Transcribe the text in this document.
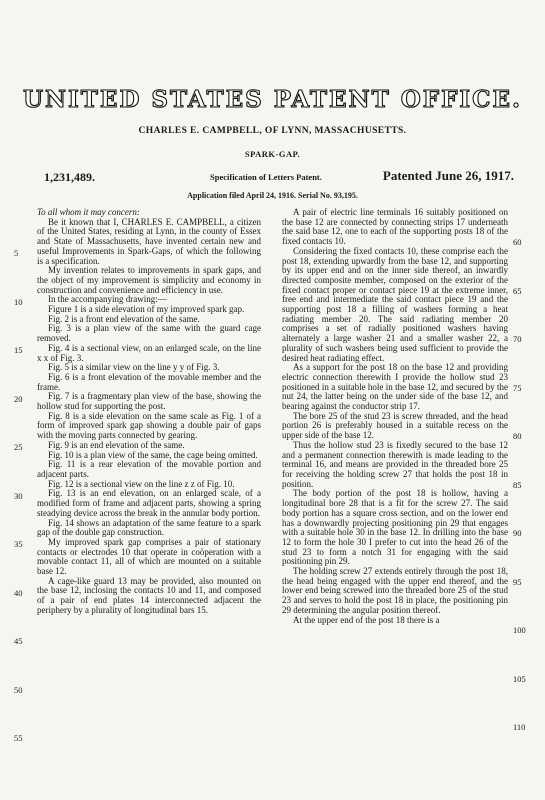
UNITED STATES PATENT OFFICE.
CHARLES E. CAMPBELL, OF LYNN, MASSACHUSETTS.
SPARK-GAP.
1,231,489.	Specification of Letters Patent.	Patented June 26, 1917.
Application filed April 24, 1916. Serial No. 93,195.

To all whom it may concern:

Be it known that I, CHARLES E. CAMPBELL, a citizen of the United States, residing at Lynn, in the county of Essex and State of Massachusetts, have invented certain new and useful Improvements in Spark-Gaps, of which the following is a specification.

My invention relates to improvements in spark gaps, and the object of my improvement is simplicity and economy in construction and convenience and efficiency in use.

In the accompanying drawing:—

Figure 1 is a side elevation of my improved spark gap.

Fig. 2 is a front end elevation of the same.

Fig. 3 is a plan view of the same with the guard cage removed.

Fig. 4 is a sectional view, on an enlarged scale, on the line x x of Fig. 3.

Fig. 5 is a similar view on the line y y of Fig. 3.

Fig. 6 is a front elevation of the movable member and the frame.

Fig. 7 is a fragmentary plan view of the base, showing the hollow stud for supporting the post.

Fig. 8 is a side elevation on the same scale as Fig. 1 of a form of improved spark gap showing a double pair of gaps with the moving parts connected by gearing.

Fig. 9 is an end elevation of the same.

Fig. 10 is a plan view of the same, the cage being omitted.

Fig. 11 is a rear elevation of the movable portion and adjacent parts.

Fig. 12 is a sectional view on the line z z of Fig. 10.

Fig. 13 is an end elevation, on an enlarged scale, of a modified form of frame and adjacent parts, showing a spring steadying device across the break in the annular body portion.

Fig. 14 shows an adaptation of the same feature to a spark gap of the double gap construction.

My improved spark gap comprises a pair of stationary contacts or electrodes 10 that operate in coöperation with a movable contact 11, all of which are mounted on a suitable base 12.

A cage-like guard 13 may be provided, also mounted on the base 12, inclosing the contacts 10 and 11, and composed of a pair of end plates 14 interconnected adjacent the periphery by a plurality of longitudinal bars 15.

A pair of electric line terminals 16 suitably positioned on the base 12 are connected by connecting strips 17 underneath the said base 12, one to each of the supporting posts 18 of the fixed contacts 10.

Considering the fixed contacts 10, these comprise each the post 18, extending upwardly from the base 12, and supporting by its upper end and on the inner side thereof, an inwardly directed composite member, composed on the exterior of the fixed contact proper or contact piece 19 at the extreme inner, free end and intermediate the said contact piece 19 and the supporting post 18 a filling of washers forming a heat radiating member 20. The said radiating member 20 comprises a set of radially positioned washers having alternately a large washer 21 and a smaller washer 22, a plurality of such washers being used sufficient to provide the desired heat radiating effect.

As a support for the post 18 on the base 12 and providing electric connection therewith I provide the hollow stud 23 positioned in a suitable hole in the base 12, and secured by the nut 24, the latter being on the under side of the base 12, and bearing against the conductor strip 17.

The bore 25 of the stud 23 is screw threaded, and the head portion 26 is preferably housed in a suitable recess on the upper side of the base 12.

Thus the hollow stud 23 is fixedly secured to the base 12 and a permanent connection therewith is made leading to the terminal 16, and means are provided in the threaded bore 25 for receiving the holding screw 27 that holds the post 18 in position.

The body portion of the post 18 is hollow, having a longitudinal bore 28 that is a fit for the screw 27. The said body portion has a square cross section, and on the lower end has a downwardly projecting positioning pin 29 that engages with a suitable hole 30 in the base 12. In drilling into the base 12 to form the hole 30 I prefer to cut into the head 26 of the stud 23 to form a notch 31 for engaging with the said positioning pin 29.

The holding screw 27 extends entirely through the post 18, the head being engaged with the upper end thereof, and the lower end being screwed into the threaded bore 25 of the stud 23 and serves to hold the post 18 in place, the positioning pin 29 determining the angular position thereof.

At the upper end of the post 18 there is a

5
10
15
20
25
30
35
40
45
50
55
60
65
70
75
80
85
90
95
100
105
110
